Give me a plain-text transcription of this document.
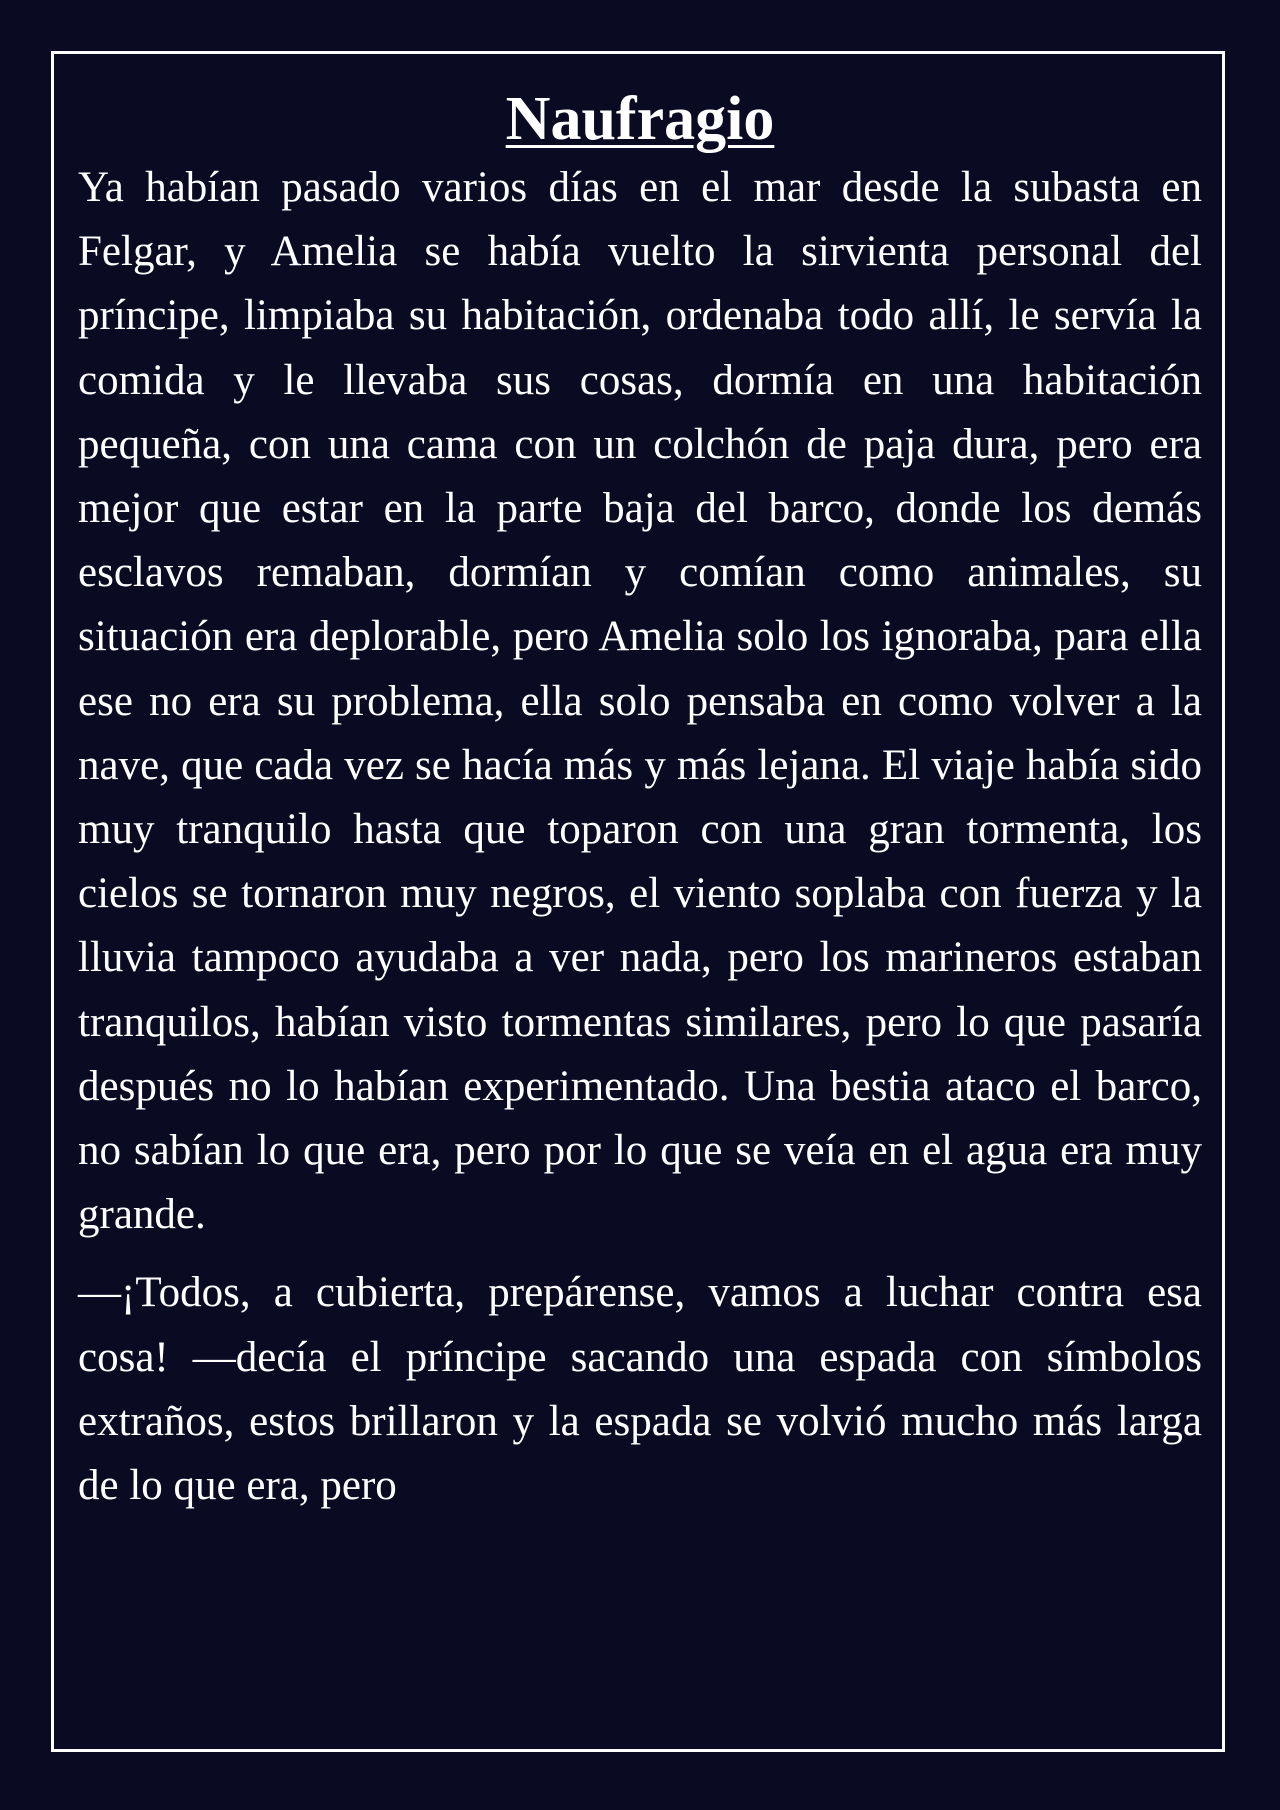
Naufragio

Ya habían pasado varios días en el mar desde la subasta en Felgar, y Amelia se había vuelto la sirvienta personal del príncipe, limpiaba su habitación, ordenaba todo allí, le servía la comida y le llevaba sus cosas, dormía en una habitación pequeña, con una cama con un colchón de paja dura, pero era mejor que estar en la parte baja del barco, donde los demás esclavos remaban, dormían y comían como animales, su situación era deplorable, pero Amelia solo los ignoraba, para ella ese no era su problema, ella solo pensaba en como volver a la nave, que cada vez se hacía más y más lejana. El viaje había sido muy tranquilo hasta que toparon con una gran tormenta, los cielos se tornaron muy negros, el viento soplaba con fuerza y la lluvia tampoco ayudaba a ver nada, pero los marineros estaban tranquilos, habían visto tormentas similares, pero lo que pasaría después no lo habían experimentado. Una bestia ataco el barco, no sabían lo que era, pero por lo que se veía en el agua era muy grande.

—¡Todos, a cubierta, prepárense, vamos a luchar contra esa cosa! —decía el príncipe sacando una espada con símbolos extraños, estos brillaron y la espada se volvió mucho más larga de lo que era, pero
